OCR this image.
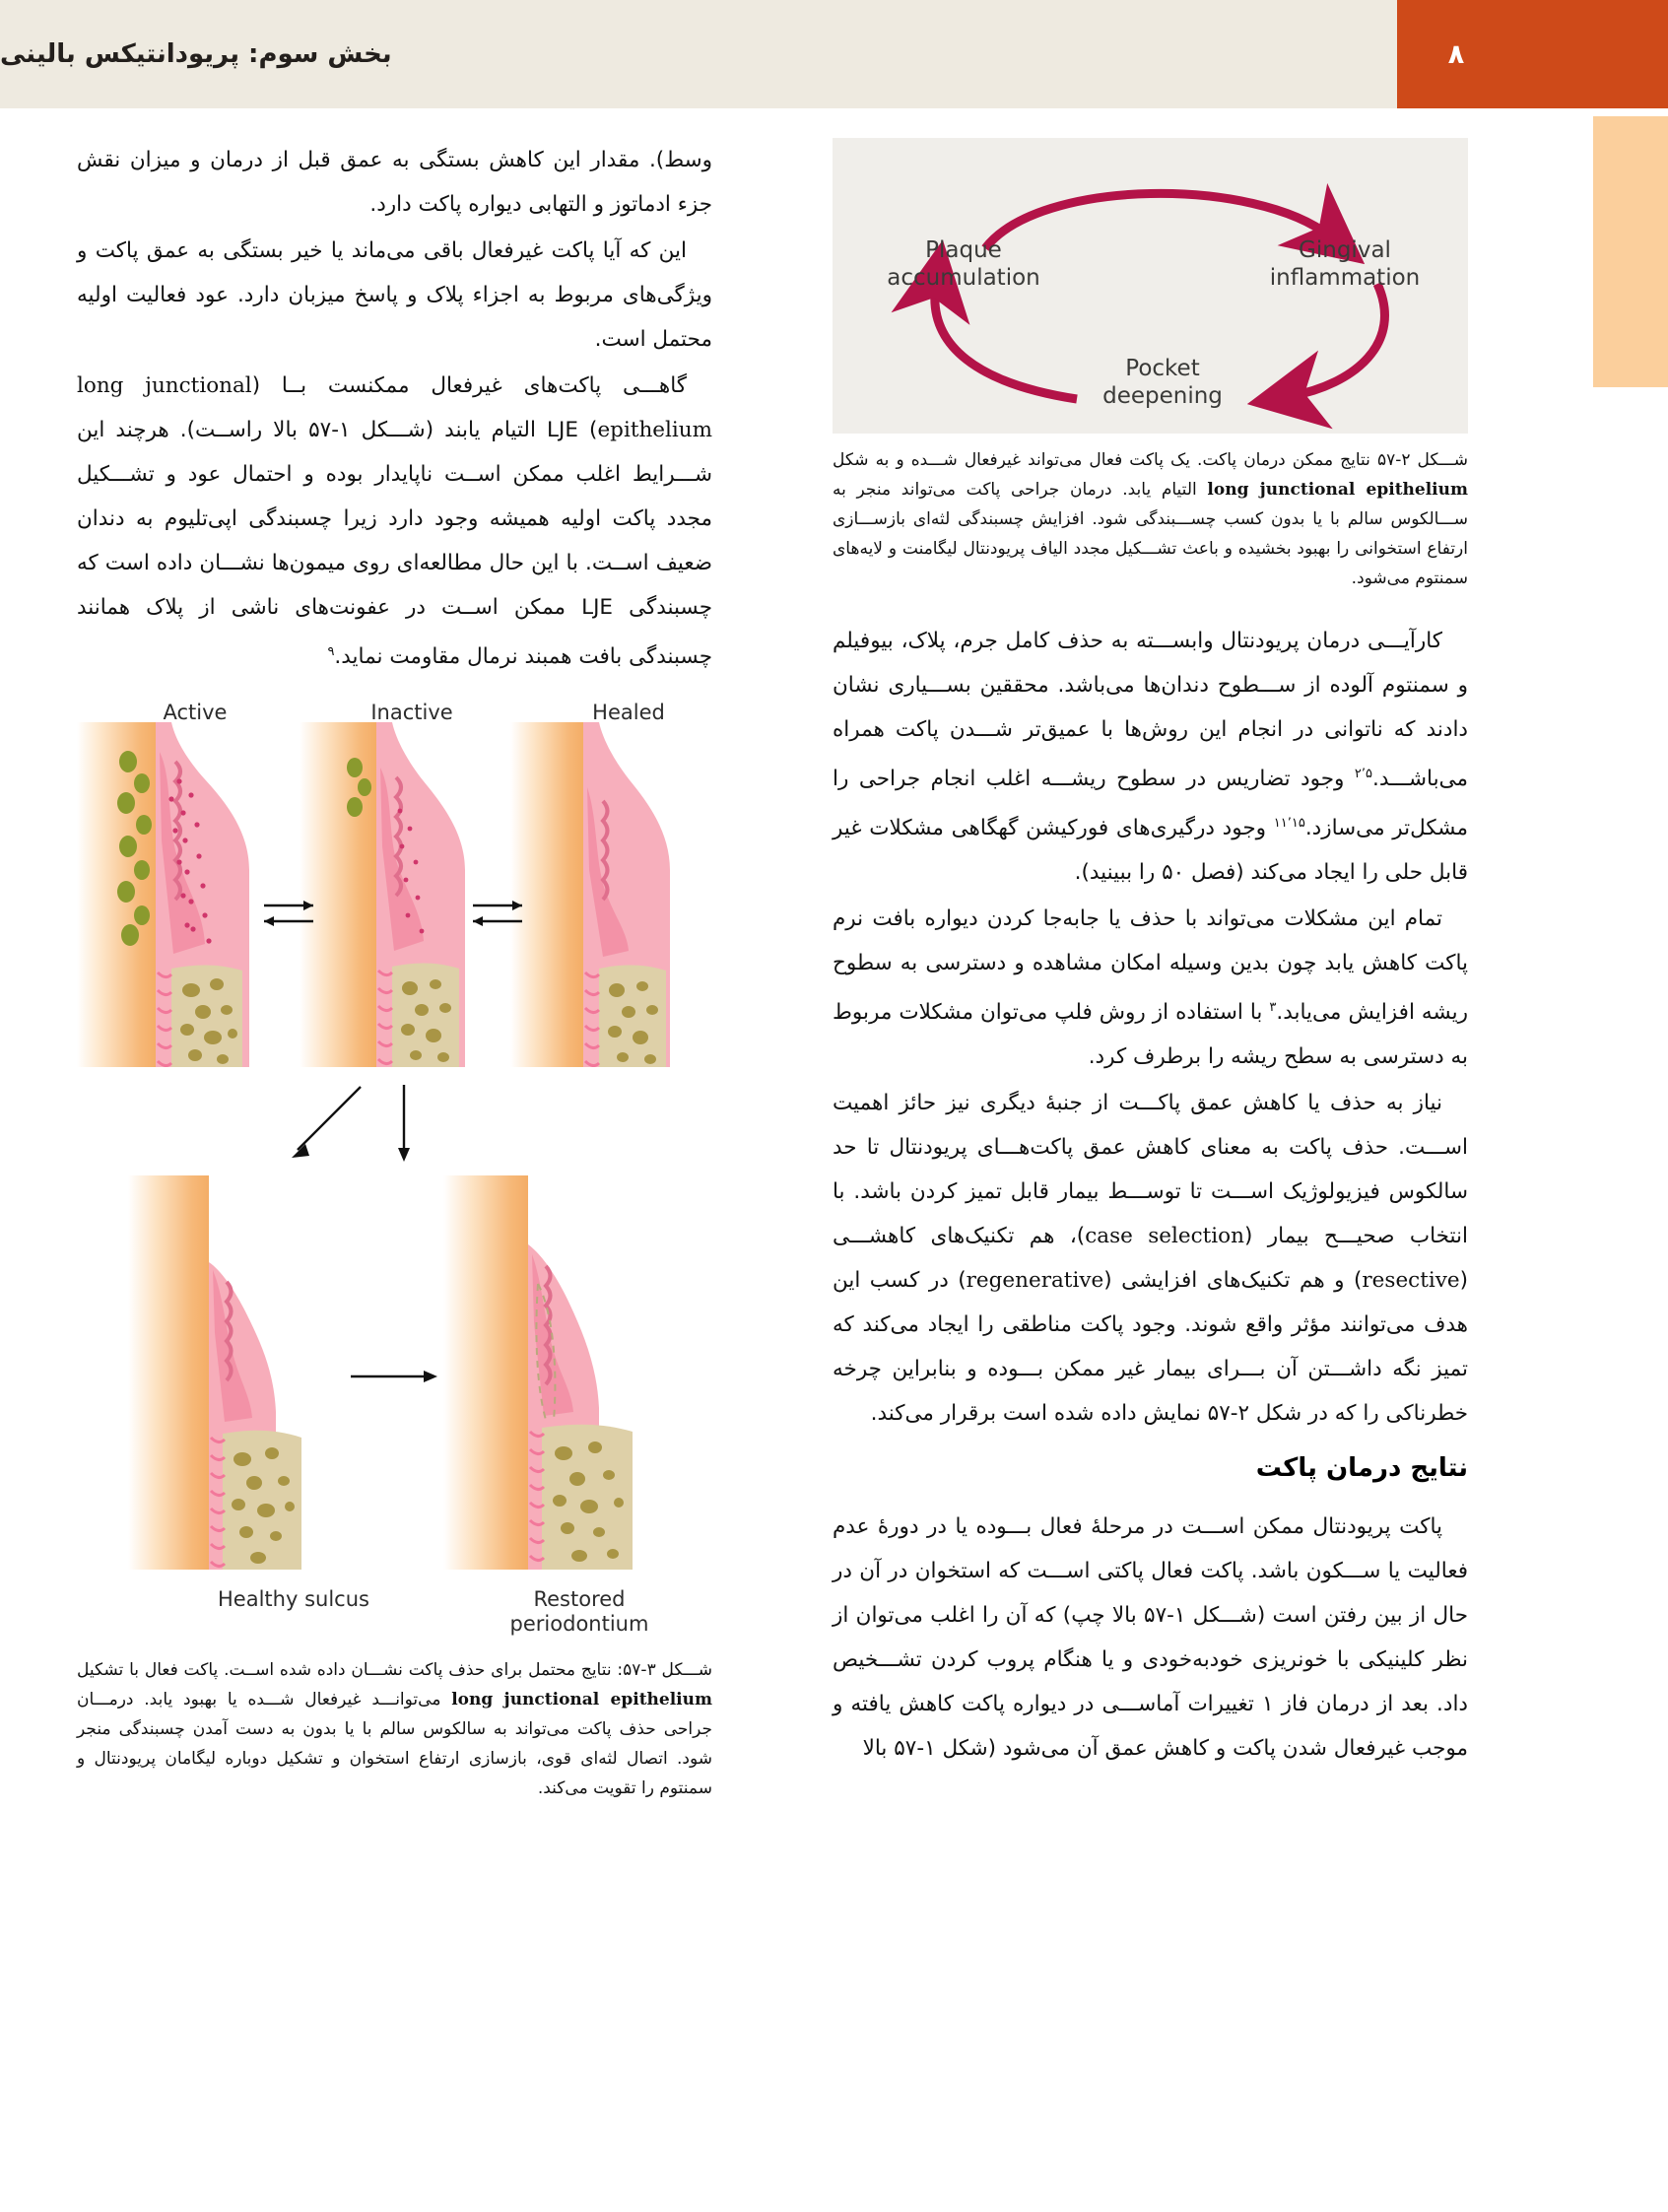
بخش سوم: پریودانتیکس بالینی	۸
Plaque accumulation
Gingival inflammation
Pocket deepening

شـــکل ۲-۵۷ نتایج ممکن درمان پاکت. یک پاکت فعال می‌تواند غیرفعال شـــده و به شکل long junctional epithelium التیام یابد. درمان جراحی پاکت می‌تواند منجر به ســـالکوس سالم با یا بدون کسب چســـبندگی شود. افزایش چسبندگی لثه‌ای بازســـازی ارتفاع استخوانی را بهبود بخشیده و باعث تشـــکیل مجدد الیاف پریودنتال لیگامنت و لایه‌های سمنتوم می‌شود.

کارآیـــی درمان پریودنتال وابســـته به حذف کامل جرم، پلاک، بیوفیلم و سمنتوم آلوده از ســـطوح دندان‌ها می‌باشد. محققین بســـیاری نشان دادند که ناتوانی در انجام این روش‌ها با عمیق‌تر شـــدن پاکت همراه می‌باشـــد.$^{۲٬۵}$ وجود تضاریس در سطوح ریشـــه اغلب انجام جراحی را مشکل‌تر می‌سازد.$^{۱۱٬۱۵}$ وجود درگیری‌های فورکیشن گهگاهی مشکلات غیر قابل حلی را ایجاد می‌کند (فصل ۵۰ را ببینید).

تمام این مشکلات می‌تواند با حذف یا جابه‌جا کردن دیواره بافت نرم پاکت کاهش یابد چون بدین وسیله امکان مشاهده و دسترسی به سطوح ریشه افزایش می‌یابد.$^۳$ با استفاده از روش فلپ می‌توان مشکلات مربوط به دسترسی به سطح ریشه را برطرف کرد.

نیاز به حذف یا کاهش عمق پاکـــت از جنبهٔ دیگری نیز حائز اهمیت اســـت. حذف پاکت به معنای کاهش عمق پاکت‌هـــای پریودنتال تا حد سالکوس فیزیولوژیک اســـت تا توســـط بیمار قابل تمیز کردن باشد. با انتخاب صحیـــح بیمار (case selection)، هم تکنیک‌های کاهشـــی (resective) و هم تکنیک‌های افزایشی (regenerative) در کسب این هدف می‌توانند مؤثر واقع شوند. وجود پاکت مناطقی را ایجاد می‌کند که تمیز نگه داشـــتن آن بـــرای بیمار غیر ممکن بـــوده و بنابراین چرخه خطرناکی را که در شکل ۲-۵۷ نمایش داده شده است برقرار می‌کند.

نتایج درمان پاکت

پاکت پریودنتال ممکن اســـت در مرحلهٔ فعال بـــوده یا در دورهٔ عدم فعالیت یا ســـکون باشد. پاکت فعال پاکتی اســـت که استخوان در آن در حال از بین رفتن است (شـــکل ۱-۵۷ بالا چپ) که آن را اغلب می‌توان از نظر کلینیکی با خونریزی خودبه‌خودی و یا هنگام پروب کردن تشـــخیص داد. بعد از درمان فاز ۱ تغییرات آماســـی در دیواره پاکت کاهش یافته و موجب غیرفعال شدن پاکت و کاهش عمق آن می‌شود (شکل ۱-۵۷ بالا

وسط). مقدار این کاهش بستگی به عمق قبل از درمان و میزان نقش جزء ادماتوز و التهابی دیواره پاکت دارد.

این که آیا پاکت غیرفعال باقی می‌ماند یا خیر بستگی به عمق پاکت و ویژگی‌های مربوط به اجزاء پلاک و پاسخ میزبان دارد. عود فعالیت اولیه محتمل است.

گاهـــی پاکت‌های غیرفعال ممکنست بــا (long junctional epithelium) LJE التیام یابند (شـــکل ۱-۵۷ بالا راســت). هرچند این شـــرایط اغلب ممکن اســت ناپایدار بوده و احتمال عود و تشـــکیل مجدد پاکت اولیه همیشه وجود دارد زیرا چسبندگی اپی‌تلیوم به دندان ضعیف اســت. با این حال مطالعه‌ای روی میمون‌ها نشـــان داده است که چسبندگی LJE ممکن اســت در عفونت‌های ناشی از پلاک همانند چسبندگی بافت همبند نرمال مقاومت نماید.$^۹$

Active	Inactive	Healed
Healthy sulcus	Restored periodontium

شـــکل ۳-۵۷: نتایج محتمل برای حذف پاکت نشـــان داده شده اســت. پاکت فعال با تشکیل long junctional epithelium می‌توانـــد غیرفعال شـــده یا بهبود یابد. درمـــان جراحی حذف پاکت می‌تواند به سالکوس سالم با یا بدون به دست آمدن چسبندگی منجر شود. اتصال لثه‌ای قوی، بازسازی ارتفاع استخوان و تشکیل دوباره لیگامان پریودنتال و سمنتوم را تقویت می‌کند.
